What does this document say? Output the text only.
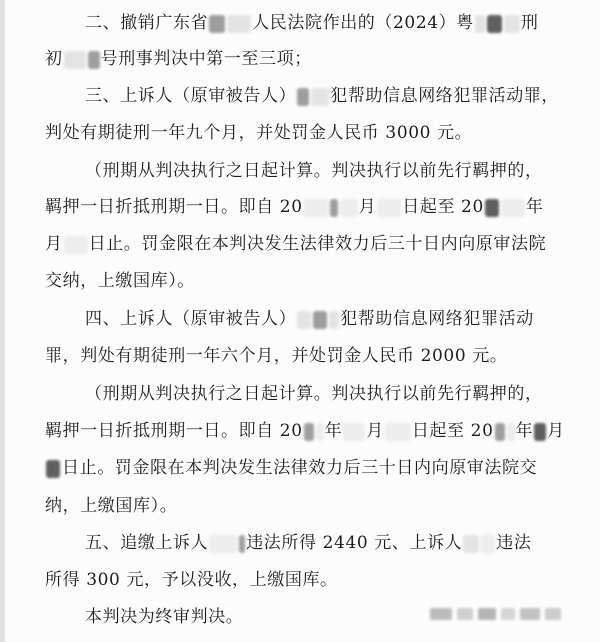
二、撤销广东省	人民法院作出的（2024）粤	刑
初 号刑事判决中第一至三项；
三、上诉人（原审被告人） 犯帮助信息网络犯罪活动罪，
判处有期徒刑一年九个月，并处罚金人民币 3000 元。
（刑期从判决执行之日起计算。判决执行以前先行羁押的，
羁押一日折抵刑期一日。即自 20	月 日起至 20 年
月 日止。罚金限在本判决发生法律效力后三十日内向原审法院
交纳，上缴国库）。
四、上诉人（原审被告人）	犯帮助信息网络犯罪活动
罪，判处有期徒刑一年六个月，并处罚金人民币 2000 元。
（刑期从判决执行之日起计算。判决执行以前先行羁押的，
羁押一日折抵刑期一日。即自 20 年 月 日起至 20 年 月
日止。罚金限在本判决发生法律效力后三十日内向原审法院交
纳，上缴国库）。
五、追缴上诉人 违法所得 2440 元、上诉人 违法
所得 300 元，予以没收，上缴国库。
本判决为终审判决。
